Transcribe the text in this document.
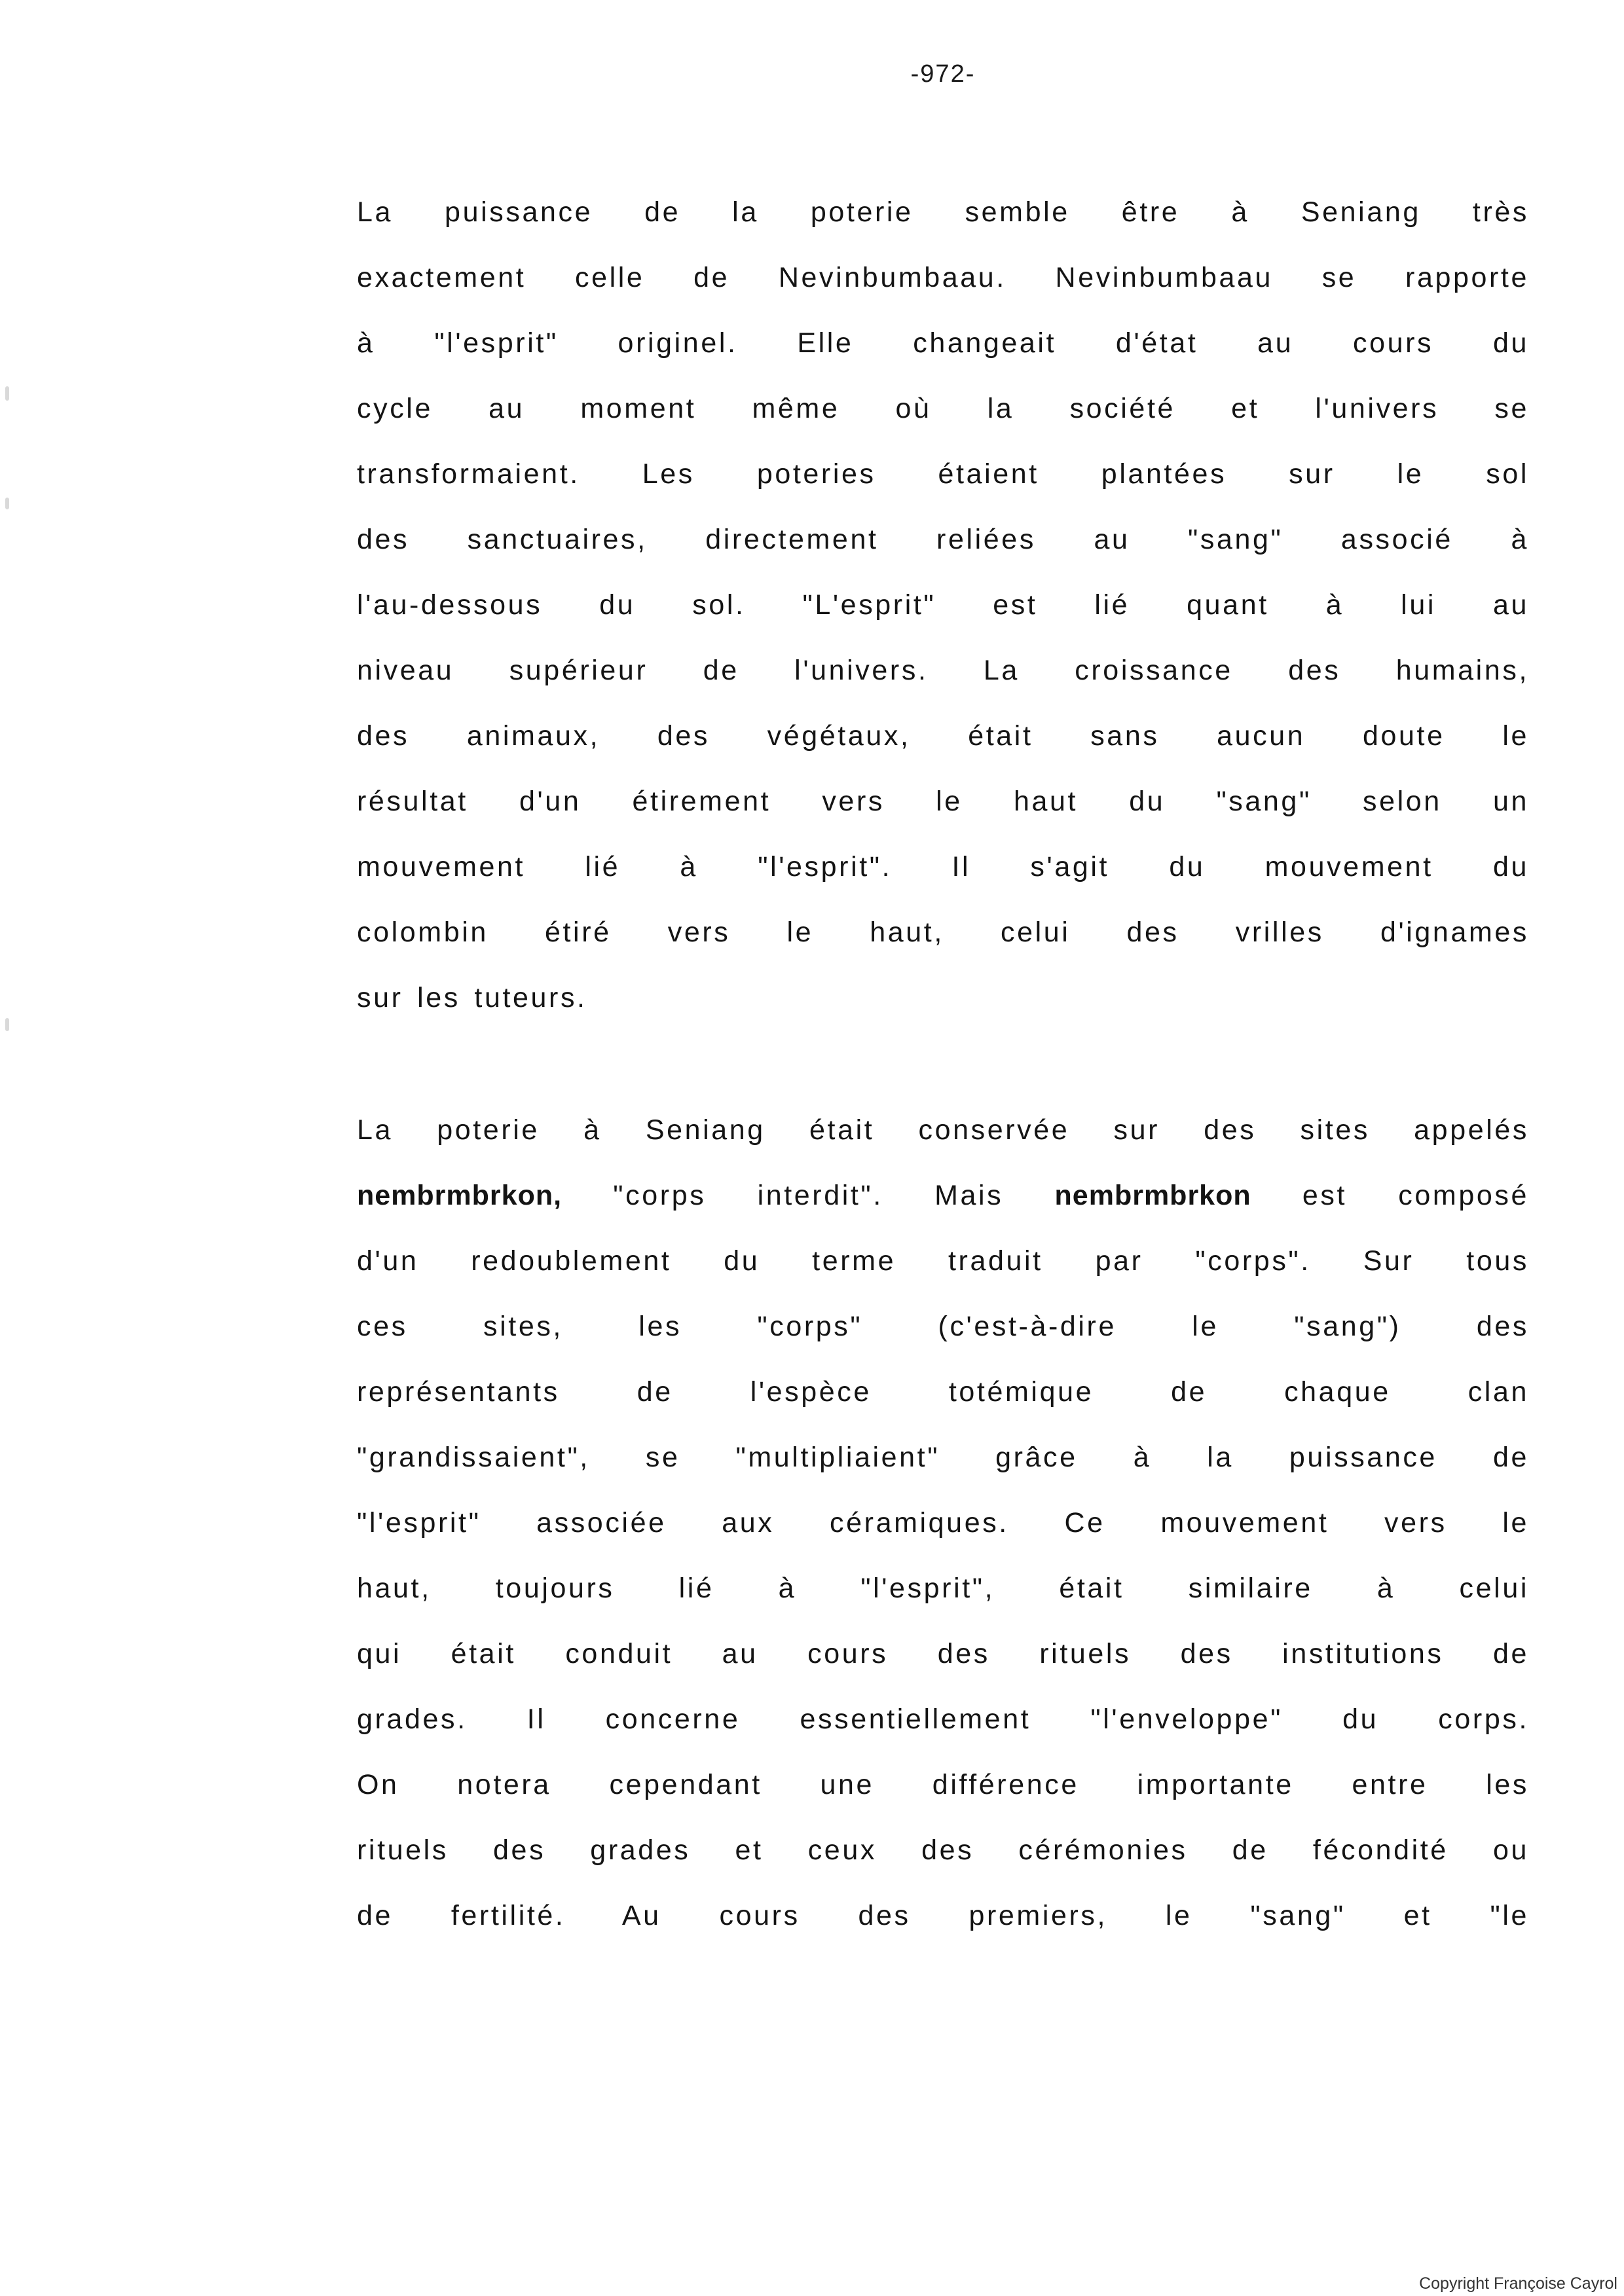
-972-
La puissance de la poterie semble être à Seniang très
exactement celle de Nevinbumbaau. Nevinbumbaau se rapporte
à "l'esprit" originel. Elle changeait d'état au cours du
cycle au moment même où la société et l'univers se
transformaient. Les poteries étaient plantées sur le sol
des sanctuaires, directement reliées au "sang" associé à
l'au-dessous du sol. "L'esprit" est lié quant à lui au
niveau supérieur de l'univers. La croissance des humains,
des animaux, des végétaux, était sans aucun doute le
résultat d'un étirement vers le haut du "sang" selon un
mouvement lié à "l'esprit". Il s'agit du mouvement du
colombin étiré vers le haut, celui des vrilles d'ignames
sur les tuteurs.
La poterie à Seniang était conservée sur des sites appelés
nembrmbrkon, "corps interdit". Mais nembrmbrkon est composé
d'un redoublement du terme traduit par "corps". Sur tous
ces sites, les "corps" (c'est-à-dire le "sang") des
représentants de l'espèce totémique de chaque clan
"grandissaient", se "multipliaient" grâce à la puissance de
"l'esprit" associée aux céramiques. Ce mouvement vers le
haut, toujours lié à "l'esprit", était similaire à celui
qui était conduit au cours des rituels des institutions de
grades. Il concerne essentiellement "l'enveloppe" du corps.
On notera cependant une différence importante entre les
rituels des grades et ceux des cérémonies de fécondité ou
de fertilité. Au cours des premiers, le "sang" et "le
Copyright Françoise Cayrol
